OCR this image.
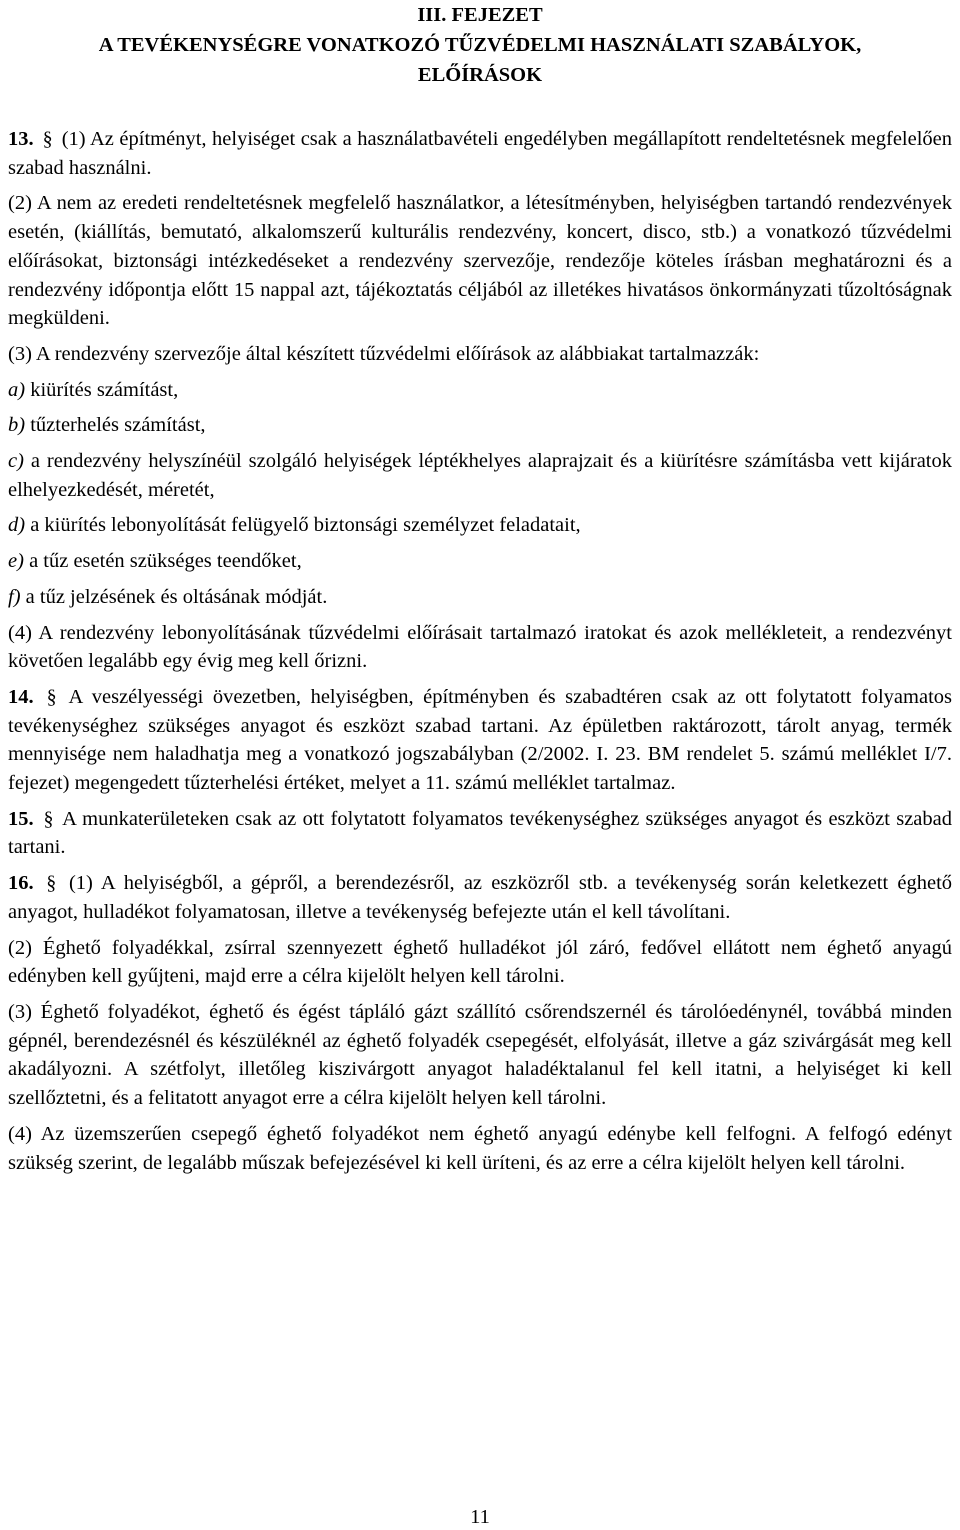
III. FEJEZET
A TEVÉKENYSÉGRE VONATKOZÓ TŰZVÉDELMI HASZNÁLATI SZABÁLYOK,
ELŐÍRÁSOK

13. § (1) Az építményt, helyiséget csak a használatbavételi engedélyben megállapított rendeltetésnek megfelelően szabad használni.

(2) A nem az eredeti rendeltetésnek megfelelő használatkor, a létesítményben, helyiségben tartandó rendezvények esetén, (kiállítás, bemutató, alkalomszerű kulturális rendezvény, koncert, disco, stb.) a vonatkozó tűzvédelmi előírásokat, biztonsági intézkedéseket a rendezvény szervezője, rendezője köteles írásban meghatározni és a rendezvény időpontja előtt 15 nappal azt, tájékoztatás céljából az illetékes hivatásos önkormányzati tűzoltóságnak megküldeni.

(3) A rendezvény szervezője által készített tűzvédelmi előírások az alábbiakat tartalmazzák:

a) kiürítés számítást,

b) tűzterhelés számítást,

c) a rendezvény helyszínéül szolgáló helyiségek léptékhelyes alaprajzait és a kiürítésre számításba vett kijáratok elhelyezkedését, méretét,

d) a kiürítés lebonyolítását felügyelő biztonsági személyzet feladatait,

e) a tűz esetén szükséges teendőket,

f) a tűz jelzésének és oltásának módját.

(4) A rendezvény lebonyolításának tűzvédelmi előírásait tartalmazó iratokat és azok mellékleteit, a rendezvényt követően legalább egy évig meg kell őrizni.

14. § A veszélyességi övezetben, helyiségben, építményben és szabadtéren csak az ott folytatott folyamatos tevékenységhez szükséges anyagot és eszközt szabad tartani. Az épületben raktározott, tárolt anyag, termék mennyisége nem haladhatja meg a vonatkozó jogszabályban (2/2002. I. 23. BM rendelet 5. számú melléklet I/7. fejezet) megengedett tűzterhelési értéket, melyet a 11. számú melléklet tartalmaz.

15. § A munkaterületeken csak az ott folytatott folyamatos tevékenységhez szükséges anyagot és eszközt szabad tartani.

16. § (1) A helyiségből, a gépről, a berendezésről, az eszközről stb. a tevékenység során keletkezett éghető anyagot, hulladékot folyamatosan, illetve a tevékenység befejezte után el kell távolítani.

(2) Éghető folyadékkal, zsírral szennyezett éghető hulladékot jól záró, fedővel ellátott nem éghető anyagú edényben kell gyűjteni, majd erre a célra kijelölt helyen kell tárolni.

(3) Éghető folyadékot, éghető és égést tápláló gázt szállító csőrendszernél és tárolóedénynél, továbbá minden gépnél, berendezésnél és készüléknél az éghető folyadék csepegését, elfolyását, illetve a gáz szivárgását meg kell akadályozni. A szétfolyt, illetőleg kiszivárgott anyagot haladéktalanul fel kell itatni, a helyiséget ki kell szellőztetni, és a felitatott anyagot erre a célra kijelölt helyen kell tárolni.

(4) Az üzemszerűen csepegő éghető folyadékot nem éghető anyagú edénybe kell felfogni. A felfogó edényt szükség szerint, de legalább műszak befejezésével ki kell üríteni, és az erre a célra kijelölt helyen kell tárolni.

11
